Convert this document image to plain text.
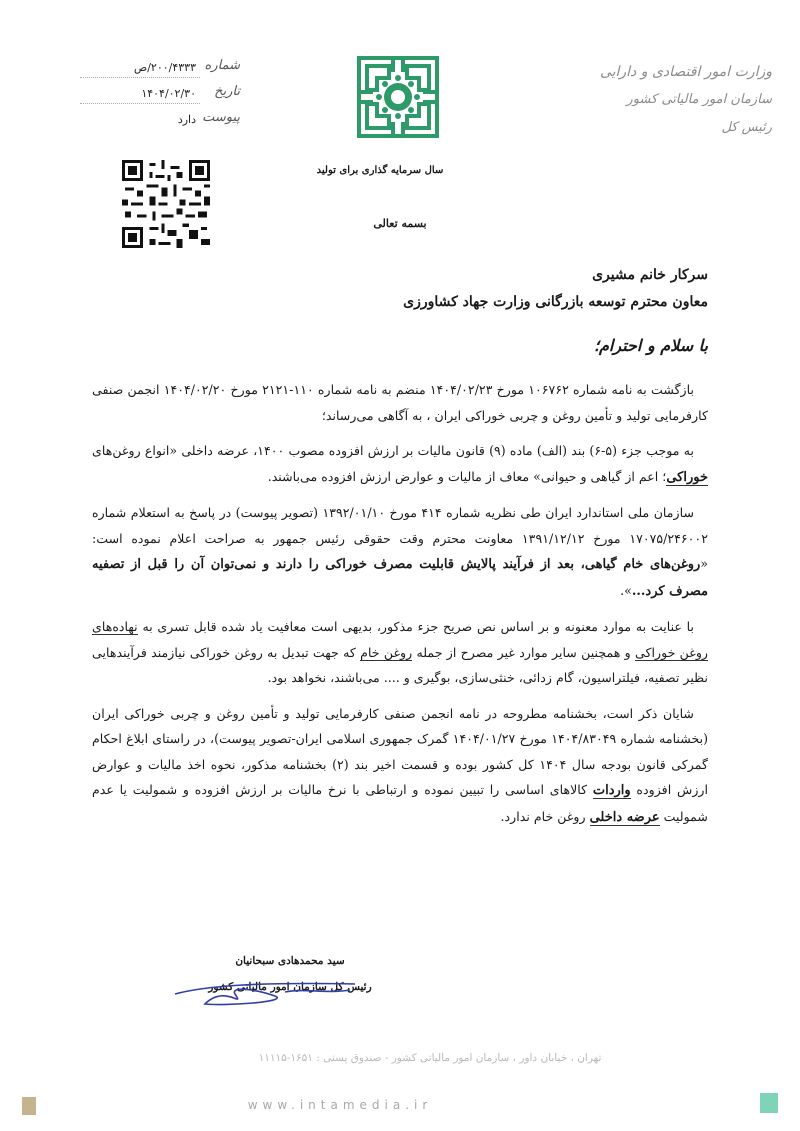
وزارت امور اقتصادی و دارایی
سازمان امور مالیاتی کشور
رئیس کل
شماره
۲۰۰/۴۳۳۳/ص
تاریخ
۱۴۰۴/۰۲/۳۰
پیوست
دارد
سال سرمایه گذاری برای تولید
بسمه تعالی
سرکار خانم مشیری
معاون محترم توسعه بازرگانی وزارت جهاد کشاورزی
با سلام و احترام؛

بازگشت به نامه شماره ۱۰۶۷۶۲ مورخ ۱۴۰۴/۰۲/۲۳ منضم به نامه شماره ۱۱۰-۲۱۲۱ مورخ ۱۴۰۴/۰۲/۲۰ انجمن صنفی کارفرمایی تولید و تأمین روغن و چربی خوراکی ایران ، به آگاهی می‌رساند؛

به موجب جزء (۵-۶) بند (الف) ماده (۹) قانون مالیات بر ارزش افزوده مصوب ۱۴۰۰، عرضه داخلی «انواع روغن‌های خوراکی؛ اعم از گیاهی و حیوانی» معاف از مالیات و عوارض ارزش افزوده می‌باشند.

سازمان ملی استاندارد ایران طی نظریه شماره ۴۱۴ مورخ ۱۳۹۲/۰۱/۱۰ (تصویر پیوست) در پاسخ به استعلام شماره ۱۷۰۷۵/۲۴۶۰۰۲ مورخ ۱۳۹۱/۱۲/۱۲ معاونت محترم وقت حقوقی رئیس جمهور به صراحت اعلام نموده است: «روغن‌های خام گیاهی، بعد از فرآیند پالایش قابلیت مصرف خوراکی را دارند و نمی‌توان آن را قبل از تصفیه مصرف کرد...».

با عنایت به موارد معنونه و بر اساس نص صریح جزء مذکور، بدیهی است معافیت یاد شده قابل تسری به نهاده‌های روغن خوراکی و همچنین سایر موارد غیر مصرح از جمله روغن خام که جهت تبدیل به روغن خوراکی نیازمند فرآیندهایی نظیر تصفیه، فیلتراسیون، گام زدائی، خنثی‌سازی، بوگیری و .... می‌باشند، نخواهد بود.

شایان ذکر است، بخشنامه مطروحه در نامه انجمن صنفی کارفرمایی تولید و تأمین روغن و چربی خوراکی ایران (بخشنامه شماره ۱۴۰۴/۸۳۰۴۹ مورخ ۱۴۰۴/۰۱/۲۷ گمرک جمهوری اسلامی ایران-تصویر پیوست)، در راستای ابلاغ احکام گمرکی قانون بودجه سال ۱۴۰۴ کل کشور بوده و قسمت اخیر بند (۲) بخشنامه مذکور، نحوه اخذ مالیات و عوارض ارزش افزوده واردات کالاهای اساسی را تبیین نموده و ارتباطی با نرخ مالیات بر ارزش افزوده و شمولیت یا عدم شمولیت عرضه داخلی روغن خام ندارد.

سید محمدهادی سبحانیان
رئیس کل سازمان امور مالیاتی کشور
تهران ، خیابان داور ، سازمان امور مالیاتی کشور - صندوق پستی : ۱۶۵۱-۱۱۱۱۵
www.intamedia.ir
